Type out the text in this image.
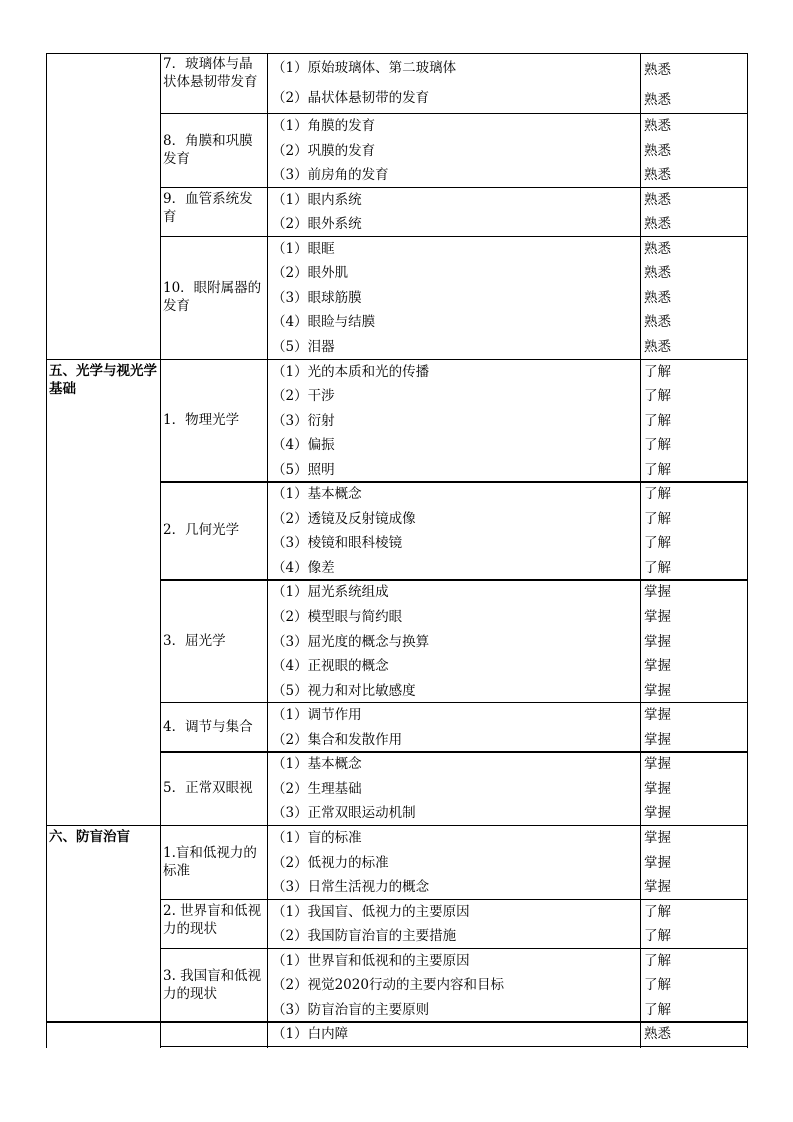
7．玻璃体与晶状体悬韧带发育
（1）原始玻璃体、第二玻璃体	熟悉
（2）晶状体悬韧带的发育	熟悉
8．角膜和巩膜发育
（1）角膜的发育	熟悉
（2）巩膜的发育	熟悉
（3）前房角的发育	熟悉
9．血管系统发育
（1）眼内系统	熟悉
（2）眼外系统	熟悉
10．眼附属器的发育
（1）眼眶	熟悉
（2）眼外肌	熟悉
（3）眼球筋膜	熟悉
（4）眼睑与结膜	熟悉
（5）泪器	熟悉
五、光学与视光学基础
1．物理光学
（1）光的本质和光的传播	了解
（2）干涉	了解
（3）衍射	了解
（4）偏振	了解
（5）照明	了解
2．几何光学
（1）基本概念	了解
（2）透镜及反射镜成像	了解
（3）棱镜和眼科棱镜	了解
（4）像差	了解
3．屈光学
（1）屈光系统组成	掌握
（2）模型眼与简约眼	掌握
（3）屈光度的概念与换算	掌握
（4）正视眼的概念	掌握
（5）视力和对比敏感度	掌握
4．调节与集合
（1）调节作用	掌握
（2）集合和发散作用	掌握
5．正常双眼视
（1）基本概念	掌握
（2）生理基础	掌握
（3）正常双眼运动机制	掌握
六、防盲治盲
1.盲和低视力的标准
（1）盲的标准	掌握
（2）低视力的标准	掌握
（3）日常生活视力的概念	掌握
2. 世界盲和低视力的现状
（1）我国盲、低视力的主要原因	了解
（2）我国防盲治盲的主要措施	了解
3. 我国盲和低视力的现状
（1）世界盲和低视和的主要原因	了解
（2）视觉2020行动的主要内容和目标	了解
（3）防盲治盲的主要原则	了解
（1）白内障	熟悉
